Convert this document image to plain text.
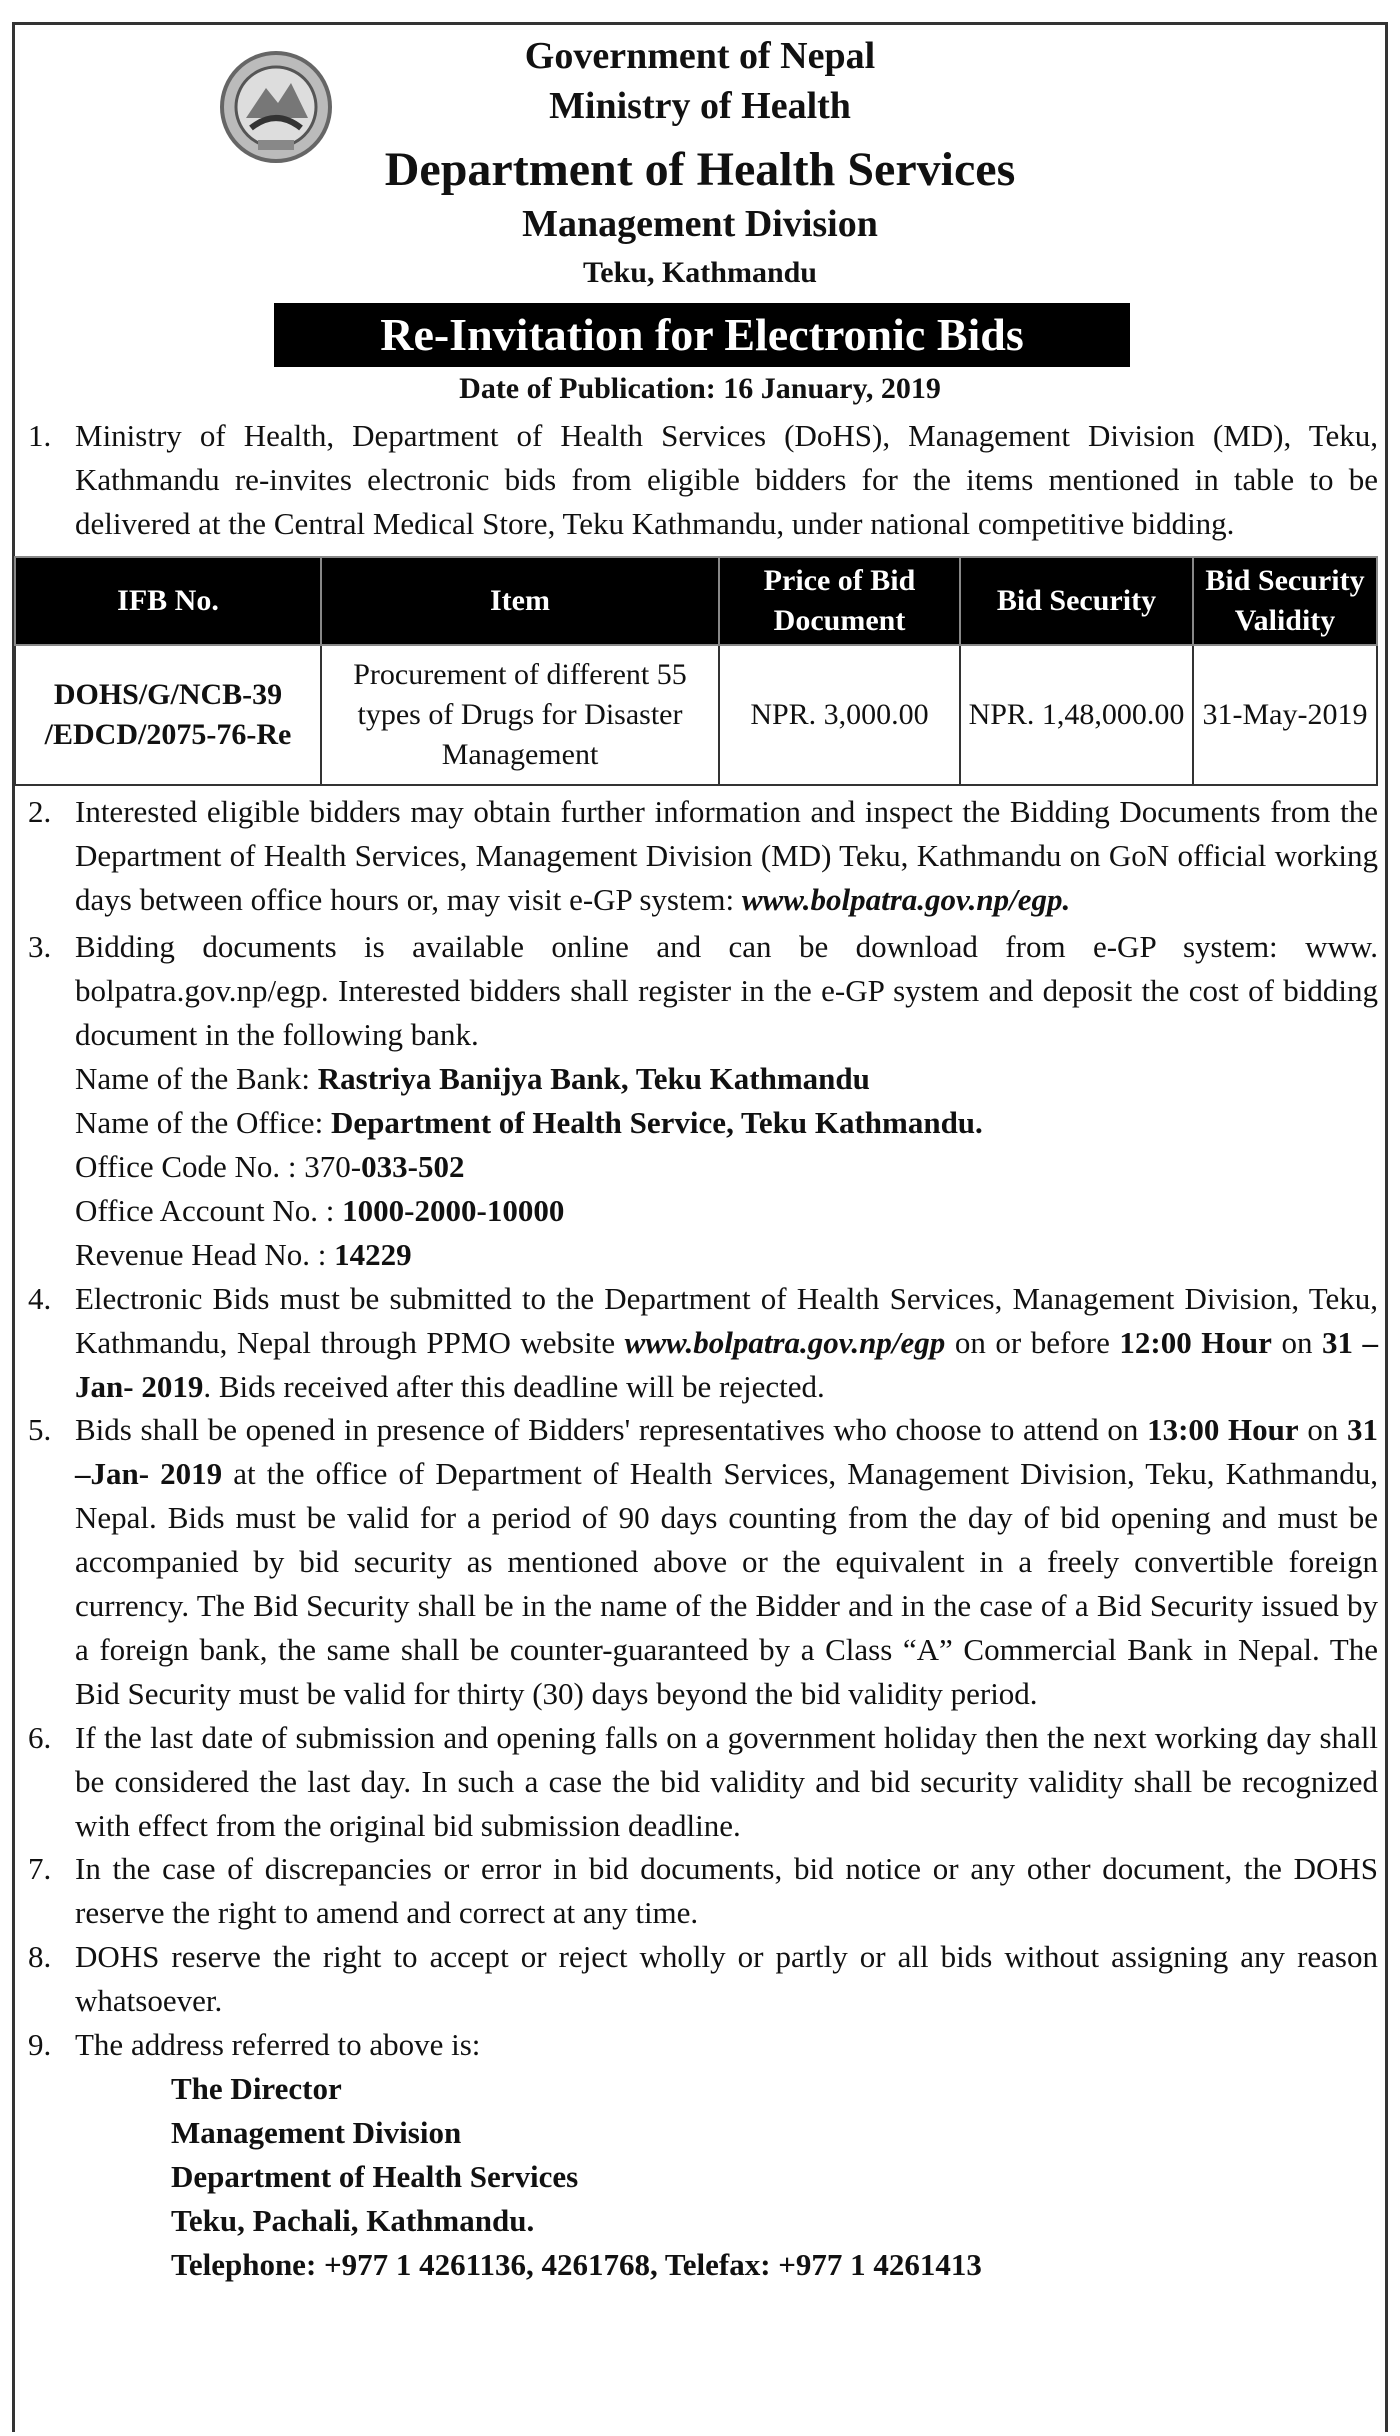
Government of Nepal
Ministry of Health
Department of Health Services
Management Division
Teku, Kathmandu
Re-Invitation for Electronic Bids
Date of Publication: 16 January, 2019
1. Ministry of Health, Department of Health Services (DoHS), Management Division (MD), Teku, Kathmandu re-invites electronic bids from eligible bidders for the items mentioned in table to be delivered at the Central Medical Store, Teku Kathmandu, under national competitive bidding.
IFB No.	Item	Price of Bid Document	Bid Security	Bid Security Validity
DOHS/G/NCB-39 /EDCD/2075-76-Re	Procurement of different 55 types of Drugs for Disaster Management	NPR. 3,000.00	NPR. 1,48,000.00	31-May-2019
2. Interested eligible bidders may obtain further information and inspect the Bidding Documents from the Department of Health Services, Management Division (MD) Teku, Kathmandu on GoN official working days between office hours or, may visit e-GP system: www.bolpatra.gov.np/egp.
3. Bidding documents is available online and can be download from e-GP system: www. bolpatra.gov.np/egp. Interested bidders shall register in the e-GP system and deposit the cost of bidding document in the following bank.
Name of the Bank: Rastriya Banijya Bank, Teku Kathmandu
Name of the Office: Department of Health Service, Teku Kathmandu.
Office Code No. : 370-033-502
Office Account No. : 1000-2000-10000
Revenue Head No. : 14229
4. Electronic Bids must be submitted to the Department of Health Services, Management Division, Teku, Kathmandu, Nepal through PPMO website www.bolpatra.gov.np/egp on or before 12:00 Hour on 31 –Jan- 2019. Bids received after this deadline will be rejected.
5. Bids shall be opened in presence of Bidders' representatives who choose to attend on 13:00 Hour on 31 –Jan- 2019 at the office of Department of Health Services, Management Division, Teku, Kathmandu, Nepal. Bids must be valid for a period of 90 days counting from the day of bid opening and must be accompanied by bid security as mentioned above or the equivalent in a freely convertible foreign currency. The Bid Security shall be in the name of the Bidder and in the case of a Bid Security issued by a foreign bank, the same shall be counter-guaranteed by a Class “A” Commercial Bank in Nepal. The Bid Security must be valid for thirty (30) days beyond the bid validity period.
6. If the last date of submission and opening falls on a government holiday then the next working day shall be considered the last day. In such a case the bid validity and bid security validity shall be recognized with effect from the original bid submission deadline.
7. In the case of discrepancies or error in bid documents, bid notice or any other document, the DOHS reserve the right to amend and correct at any time.
8. DOHS reserve the right to accept or reject wholly or partly or all bids without assigning any reason whatsoever.
9. The address referred to above is:
The Director
Management Division
Department of Health Services
Teku, Pachali, Kathmandu.
Telephone: +977 1 4261136, 4261768, Telefax: +977 1 4261413
